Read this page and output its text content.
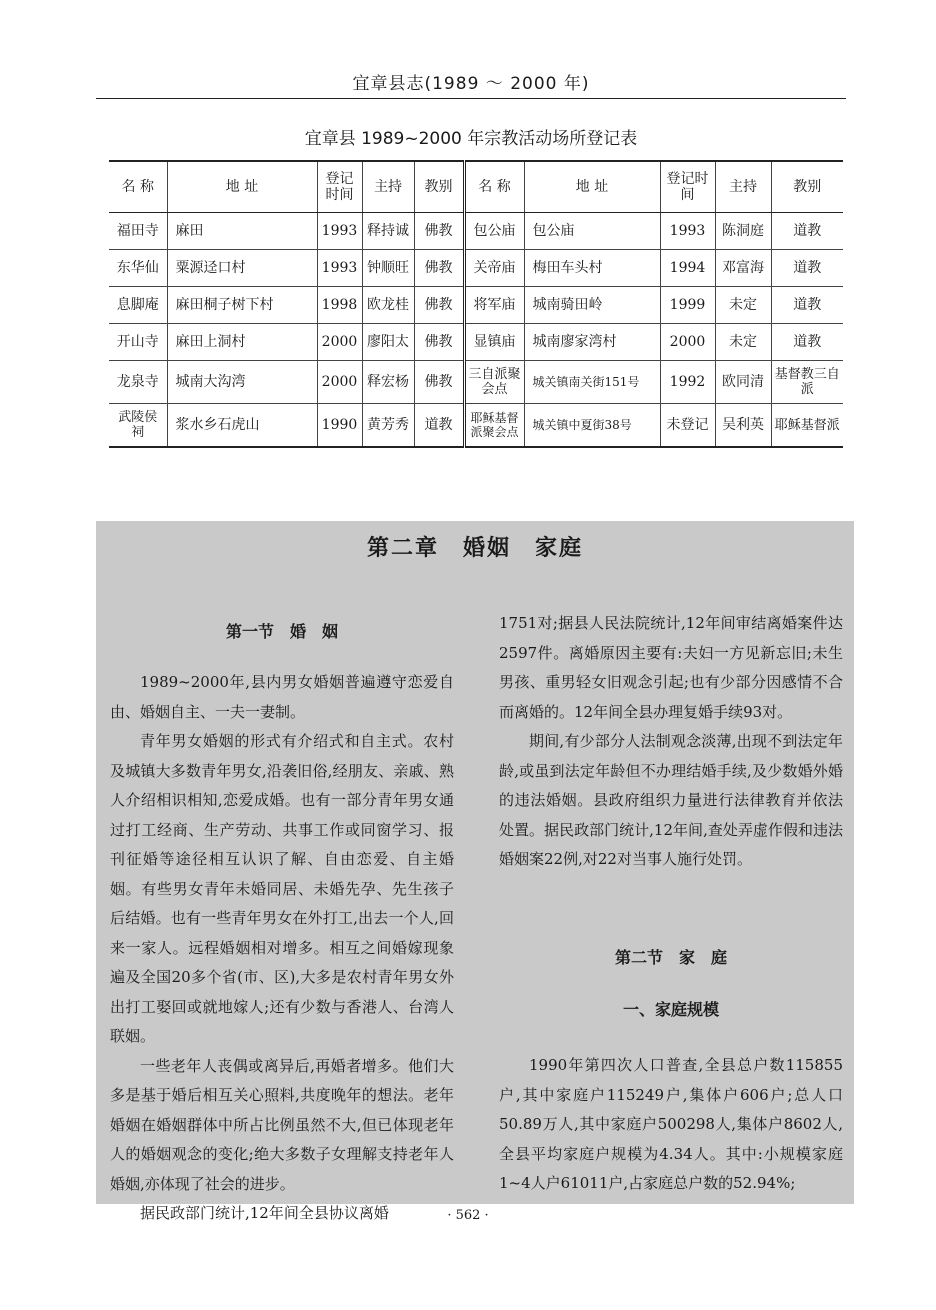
宜章县志(1989 ～ 2000 年)
宜章县 1989~2000 年宗教活动场所登记表
名 称	地 址	登记时间	主持	教别	名 称	地 址	登记时间	主持	教别
福田寺	麻田	1993	释持诚	佛教	包公庙	包公庙	1993	陈洞庭	道教
东华仙	粟源迳口村	1993	钟顺旺	佛教	关帝庙	梅田车头村	1994	邓富海	道教
息脚庵	麻田桐子树下村	1998	欧龙桂	佛教	将军庙	城南骑田岭	1999	未定	道教
开山寺	麻田上洞村	2000	廖阳太	佛教	显镇庙	城南廖家湾村	2000	未定	道教
龙泉寺	城南大沟湾	2000	释宏杨	佛教	三自派聚会点	城关镇南关街151号	1992	欧同清	基督教三自派
武陵侯祠	浆水乡石虎山	1990	黄芳秀	道教	耶稣基督派聚会点	城关镇中夏街38号	未登记	吴利英	耶稣基督派
第二章　婚姻　家庭
第一节　婚　姻

1989~2000年,县内男女婚姻普遍遵守恋爱自由、婚姻自主、一夫一妻制。

青年男女婚姻的形式有介绍式和自主式。农村及城镇大多数青年男女,沿袭旧俗,经朋友、亲戚、熟人介绍相识相知,恋爱成婚。也有一部分青年男女通过打工经商、生产劳动、共事工作或同窗学习、报刊征婚等途径相互认识了解、自由恋爱、自主婚姻。有些男女青年未婚同居、未婚先孕、先生孩子后结婚。也有一些青年男女在外打工,出去一个人,回来一家人。远程婚姻相对增多。相互之间婚嫁现象遍及全国20多个省(市、区),大多是农村青年男女外出打工娶回或就地嫁人;还有少数与香港人、台湾人联姻。

一些老年人丧偶或离异后,再婚者增多。他们大多是基于婚后相互关心照料,共度晚年的想法。老年婚姻在婚姻群体中所占比例虽然不大,但已体现老年人的婚姻观念的变化;绝大多数子女理解支持老年人婚姻,亦体现了社会的进步。

据民政部门统计,12年间全县协议离婚

1751对;据县人民法院统计,12年间审结离婚案件达2597件。离婚原因主要有:夫妇一方见新忘旧;未生男孩、重男轻女旧观念引起;也有少部分因感情不合而离婚的。12年间全县办理复婚手续93对。

期间,有少部分人法制观念淡薄,出现不到法定年龄,或虽到法定年龄但不办理结婚手续,及少数婚外婚的违法婚姻。县政府组织力量进行法律教育并依法处置。据民政部门统计,12年间,查处弄虚作假和违法婚姻案22例,对22对当事人施行处罚。

第二节　家　庭
一、家庭规模

1990年第四次人口普查,全县总户数115855户,其中家庭户115249户,集体户606户;总人口50.89万人,其中家庭户500298人,集体户8602人,全县平均家庭户规模为4.34人。其中:小规模家庭1~4人户61011户,占家庭总户数的52.94%;

· 562 ·
